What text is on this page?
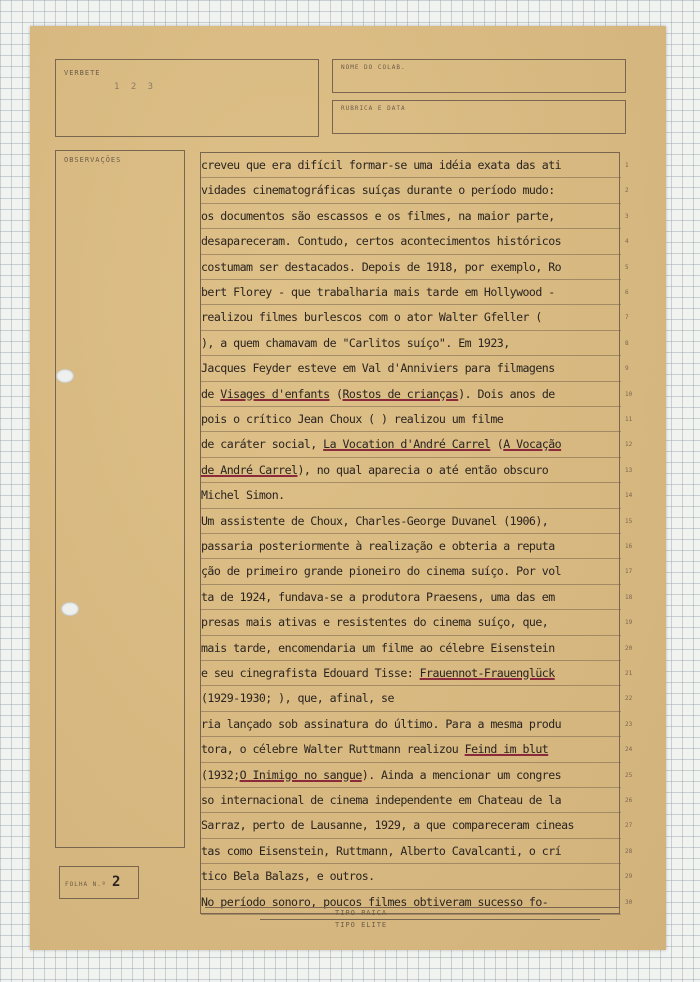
VERBETE
1 2 3
NOME DO COLAB.
RUBRICA E DATA
OBSERVAÇÕES
FOLHA N.º 2
creveu que era difícil formar-se uma idéia exata das ati	1
vidades cinematográficas suíças durante o período mudo:	2
os documentos são escassos e os filmes, na maior parte,	3
desapareceram. Contudo, certos acontecimentos históricos	4
costumam ser destacados. Depois de 1918, por exemplo, Ro	5
bert Florey - que trabalharia mais tarde em Hollywood -	6
realizou filmes burlescos com o ator Walter Gfeller (	7
), a quem chamavam de "Carlitos suíço". Em 1923,	8
Jacques Feyder esteve em Val d'Anniviers para filmagens	9
de Visages d'enfants (Rostos de crianças). Dois anos de	10
pois o crítico Jean Choux ( ) realizou um filme	11
de caráter social, La Vocation d'André Carrel (A Vocação	12
de André Carrel), no qual aparecia o até então obscuro	13
Michel Simon.	14
Um assistente de Choux, Charles-George Duvanel (1906),	15
passaria posteriormente à realização e obteria a reputa	16
ção de primeiro grande pioneiro do cinema suíço. Por vol	17
ta de 1924, fundava-se a produtora Praesens, uma das em	18
presas mais ativas e resistentes do cinema suíço, que,	19
mais tarde, encomendaria um filme ao célebre Eisenstein	20
e seu cinegrafista Edouard Tisse: Frauennot-Frauenglück	21
(1929-1930; ), que, afinal, se	22
ria lançado sob assinatura do último. Para a mesma produ	23
tora, o célebre Walter Ruttmann realizou Feind im blut	24
(1932;O Inimigo no sangue). Ainda a mencionar um congres	25
so internacional de cinema independente em Chateau de la	26
Sarraz, perto de Lausanne, 1929, a que compareceram cineas	27
tas como Eisenstein, Ruttmann, Alberto Cavalcanti, o crí	28
tico Bela Balazs, e outros.	29
No período sonoro, poucos filmes obtiveram sucesso fo-	30
TIPO PAICA
TIPO ELITE
